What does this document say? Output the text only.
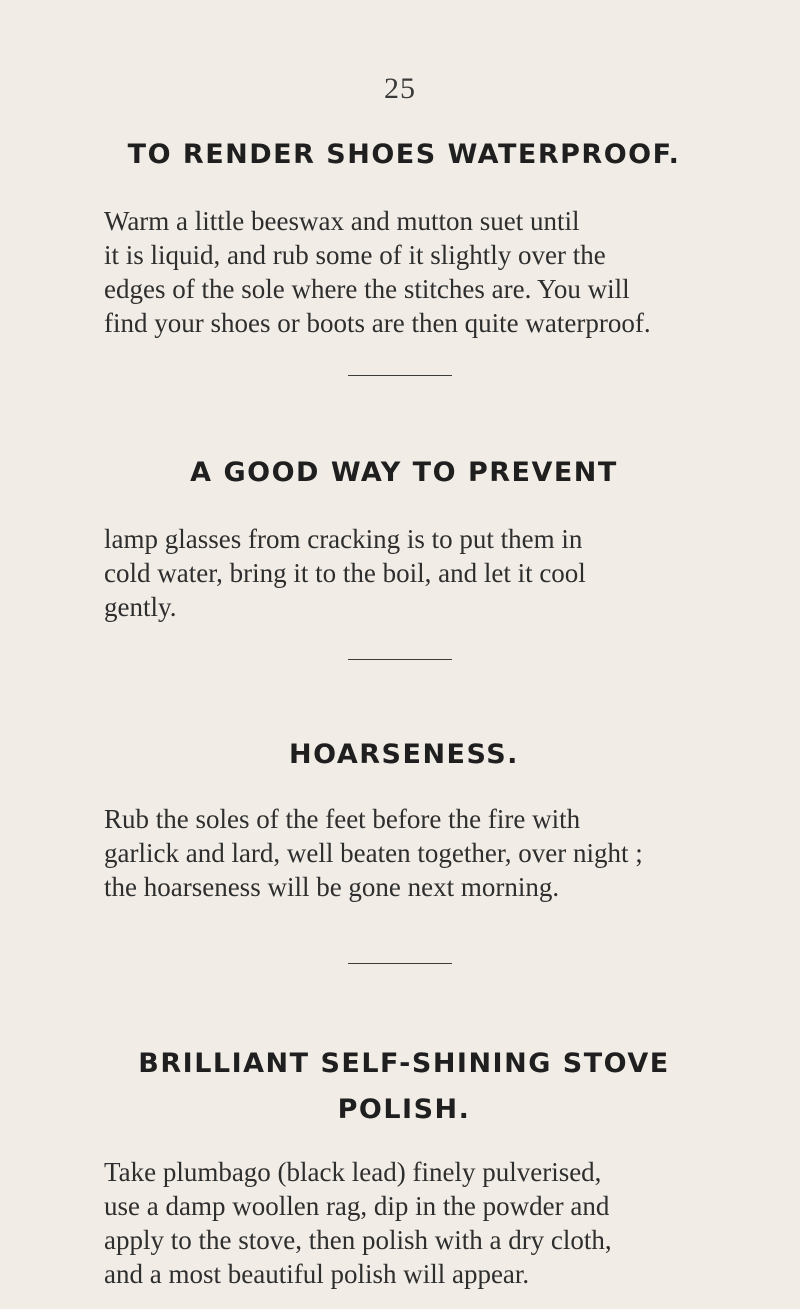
25
TO RENDER SHOES WATERPROOF.

Warm a little beeswax and mutton suet until
it is liquid, and rub some of it slightly over the
edges of the sole where the stitches are. You will
find your shoes or boots are then quite waterproof.

A GOOD WAY TO PREVENT

lamp glasses from cracking is to put them in
cold water, bring it to the boil, and let it cool
gently.

HOARSENESS.

Rub the soles of the feet before the fire with
garlick and lard, well beaten together, over night ;
the hoarseness will be gone next morning.

BRILLIANT SELF-SHINING STOVE
POLISH.

Take plumbago (black lead) finely pulverised,
use a damp woollen rag, dip in the powder and
apply to the stove, then polish with a dry cloth,
and a most beautiful polish will appear.
